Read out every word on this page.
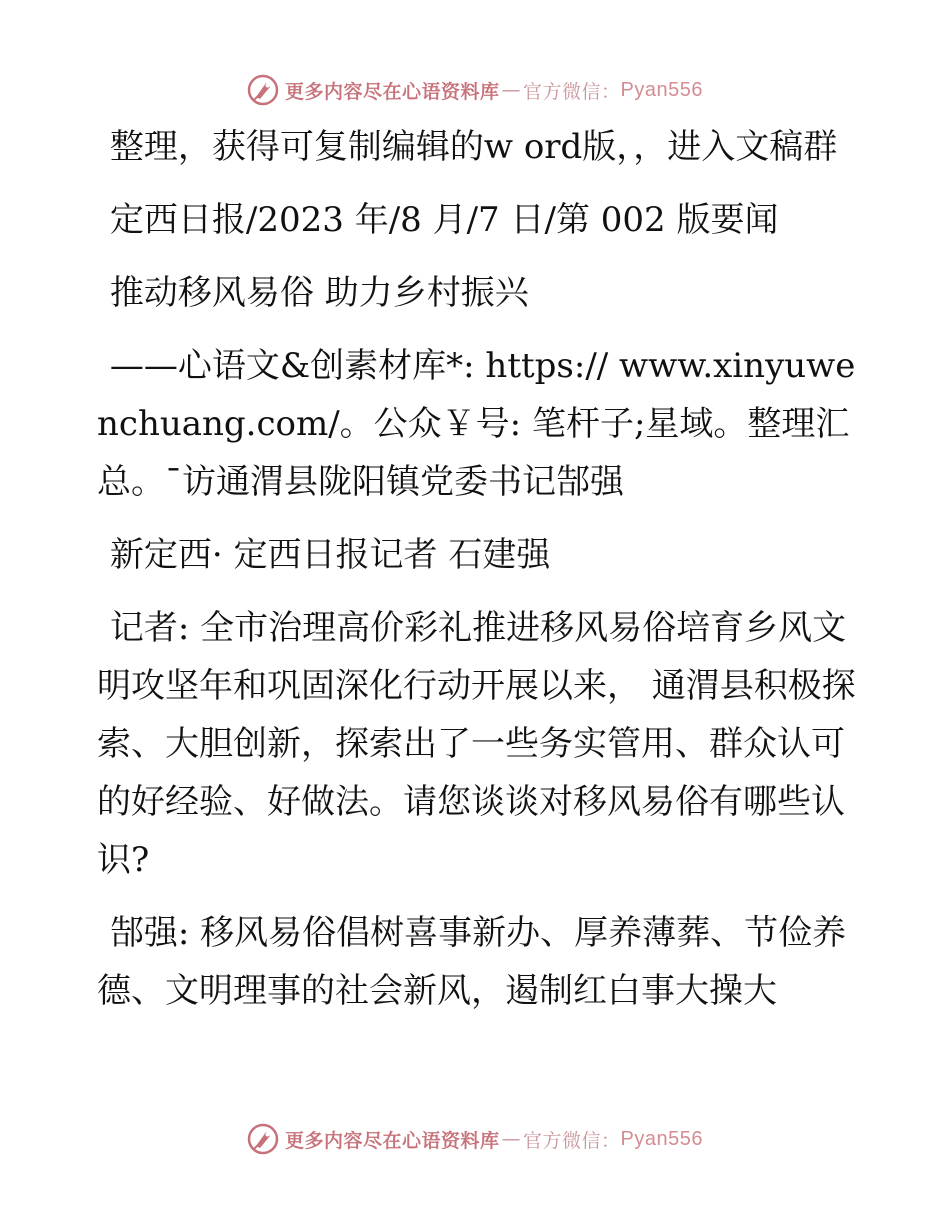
更多内容尽在心语资料库 — 官方微信： Pyan556

整理，获得可复制编辑的w ord版，，进入文稿群

定西日报/2023 年/8 月/7 日/第 002 版要闻

推动移风易俗 助力乡村振兴

——心语文&创素材库*: https:// www.xinyuwenchuang.com/。公众￥号: 笔杆子;星域。整理汇总。¯访通渭县陇阳镇党委书记郜强

新定西· 定西日报记者 石建强

记者: 全市治理高价彩礼推进移风易俗培育乡风文明攻坚年和巩固深化行动开展以来， 通渭县积极探索、大胆创新，探索出了一些务实管用、群众认可的好经验、好做法。请您谈谈对移风易俗有哪些认识?

郜强: 移风易俗倡树喜事新办、厚养薄葬、节俭养德、文明理事的社会新风，遏制红白事大操大

更多内容尽在心语资料库 — 官方微信： Pyan556
